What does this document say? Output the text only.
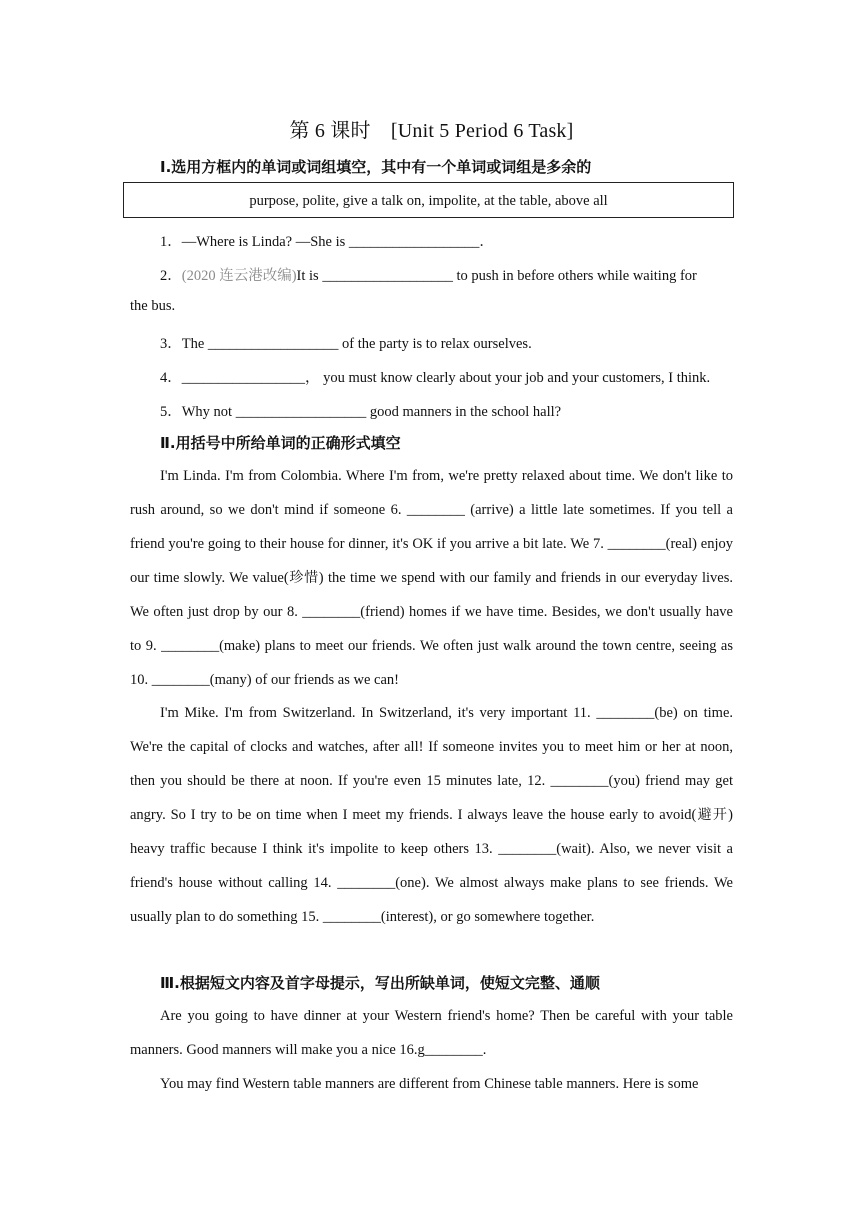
第 6 课时　[Unit 5 Period 6 Task]
Ⅰ.选用方框内的单词或词组填空，其中有一个单词或词组是多余的
purpose, polite, give a talk on, impolite, at the table, above all
1．—Where is Linda? —She is __________________．
2．(2020 连云港改编)It is __________________ to push in before others while waiting for
the bus.
3．The __________________ of the party is to relax ourselves.
4．_________________， you must know clearly about your job and your customers, I think.
5．Why not __________________ good manners in the school hall?
Ⅱ.用括号中所给单词的正确形式填空
I'm Linda. I'm from Colombia. Where I'm from, we're pretty relaxed about time. We don't like to rush around, so we don't mind if someone 6. ________ (arrive) a little late sometimes. If you tell a friend you're going to their house for dinner, it's OK if you arrive a bit late. We 7. ________(real) enjoy our time slowly. We value(珍惜) the time we spend with our family and friends in our everyday lives. We often just drop by our 8. ________(friend) homes if we have time. Besides, we don't usually have to 9. ________(make) plans to meet our friends. We often just walk around the town centre, seeing as 10. ________(many) of our friends as we can!
I'm Mike. I'm from Switzerland. In Switzerland, it's very important 11. ________(be) on time. We're the capital of clocks and watches, after all! If someone invites you to meet him or her at noon, then you should be there at noon. If you're even 15 minutes late, 12. ________(you) friend may get angry. So I try to be on time when I meet my friends. I always leave the house early to avoid(避开) heavy traffic because I think it's impolite to keep others 13. ________(wait). Also, we never visit a friend's house without calling 14. ________(one). We almost always make plans to see friends. We usually plan to do something 15. ________(interest), or go somewhere together.
Ⅲ.根据短文内容及首字母提示，写出所缺单词，使短文完整、通顺
Are you going to have dinner at your Western friend's home? Then be careful with your table manners. Good manners will make you a nice 16.g________.
You may find Western table manners are different from Chinese table manners. Here is some
